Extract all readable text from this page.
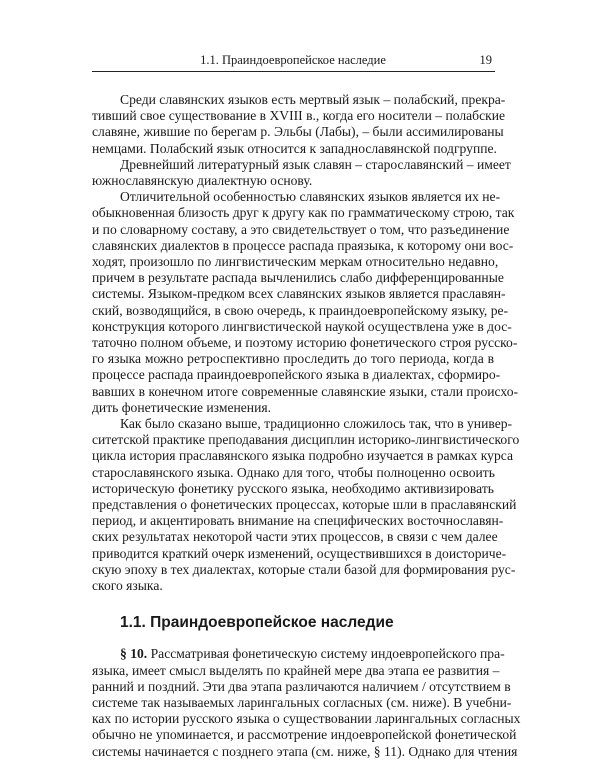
1.1. Праиндоевропейское наследие	19
Среди славянских языков есть мертвый язык – полабский, прекра-
тивший свое существование в XVIII в., когда его носители – полабские
славяне, жившие по берегам р. Эльбы (Лабы), – были ассимилированы
немцами. Полабский язык относится к западнославянской подгруппе.
Древнейший литературный язык славян – старославянский – имеет
южнославянскую диалектную основу.
Отличительной особенностью славянских языков является их не-
обыкновенная близость друг к другу как по грамматическому строю, так
и по словарному составу, а это свидетельствует о том, что разъединение
славянских диалектов в процессе распада праязыка, к которому они вос-
ходят, произошло по лингвистическим меркам относительно недавно,
причем в результате распада вычленились слабо дифференцированные
системы. Языком-предком всех славянских языков является праславян-
ский, возводящийся, в свою очередь, к праиндоевропейскому языку, ре-
конструкция которого лингвистической наукой осуществлена уже в дос-
таточно полном объеме, и поэтому историю фонетического строя русско-
го языка можно ретроспективно проследить до того периода, когда в
процессе распада праиндоевропейского языка в диалектах, сформиро-
вавших в конечном итоге современные славянские языки, стали происхо-
дить фонетические изменения.
Как было сказано выше, традиционно сложилось так, что в универ-
ситетской практике преподавания дисциплин историко-лингвистического
цикла история праславянского языка подробно изучается в рамках курса
старославянского языка. Однако для того, чтобы полноценно освоить
историческую фонетику русского языка, необходимо активизировать
представления о фонетических процессах, которые шли в праславянский
период, и акцентировать внимание на специфических восточнославян-
ских результатах некоторой части этих процессов, в связи с чем далее
приводится краткий очерк изменений, осуществившихся в доисториче-
скую эпоху в тех диалектах, которые стали базой для формирования рус-
ского языка.
1.1. Праиндоевропейское наследие
§ 10. Рассматривая фонетическую систему индоевропейского пра-
языка, имеет смысл выделять по крайней мере два этапа ее развития –
ранний и поздний. Эти два этапа различаются наличием / отсутствием в
системе так называемых ларингальных согласных (см. ниже). В учебни-
ках по истории русского языка о существовании ларингальных согласных
обычно не упоминается, и рассмотрение индоевропейской фонетической
системы начинается с позднего этапа (см. ниже, § 11). Однако для чтения
